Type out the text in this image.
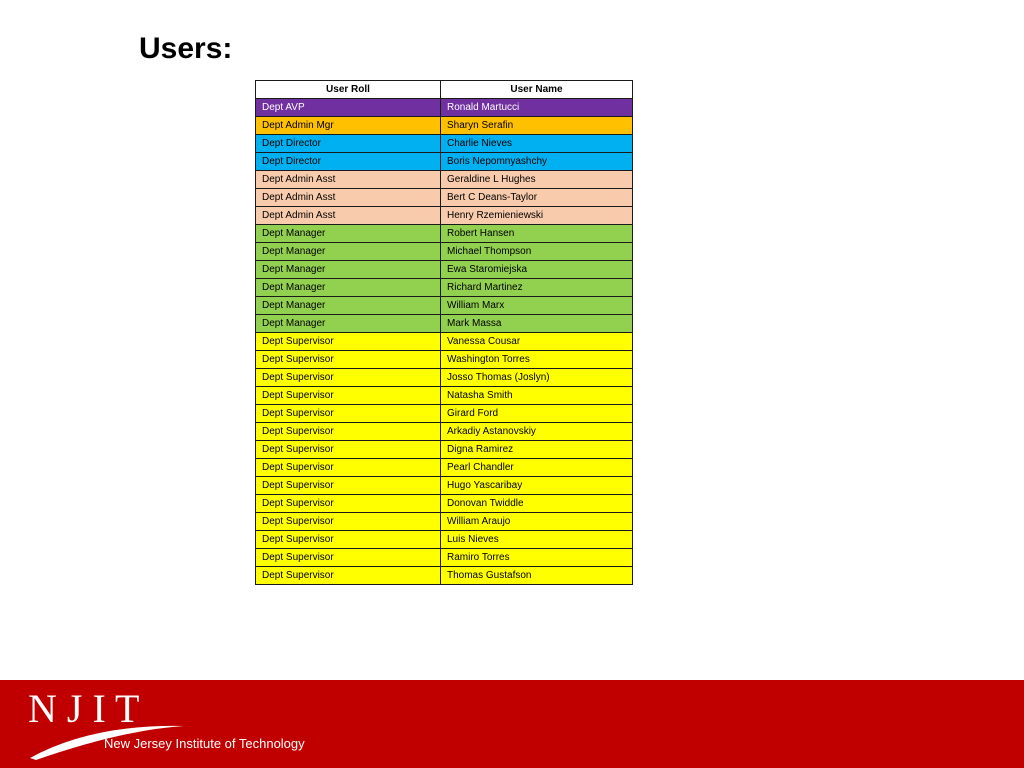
Users:
User Roll	User Name
Dept AVP	Ronald Martucci
Dept Admin Mgr	Sharyn Serafin
Dept Director	Charlie Nieves
Dept Director	Boris Nepomnyashchy
Dept Admin Asst	Geraldine L Hughes
Dept Admin Asst	Bert C Deans-Taylor
Dept Admin Asst	Henry Rzemieniewski
Dept Manager	Robert Hansen
Dept Manager	Michael Thompson
Dept Manager	Ewa Staromiejska
Dept Manager	Richard Martinez
Dept Manager	William Marx
Dept Manager	Mark Massa
Dept Supervisor	Vanessa Cousar
Dept Supervisor	Washington Torres
Dept Supervisor	Josso Thomas (Joslyn)
Dept Supervisor	Natasha Smith
Dept Supervisor	Girard Ford
Dept Supervisor	Arkadiy Astanovskiy
Dept Supervisor	Digna Ramirez
Dept Supervisor	Pearl Chandler
Dept Supervisor	Hugo Yascaribay
Dept Supervisor	Donovan Twiddle
Dept Supervisor	William Araujo
Dept Supervisor	Luis Nieves
Dept Supervisor	Ramiro Torres
Dept Supervisor	Thomas Gustafson
N J I T
New Jersey Institute of Technology
